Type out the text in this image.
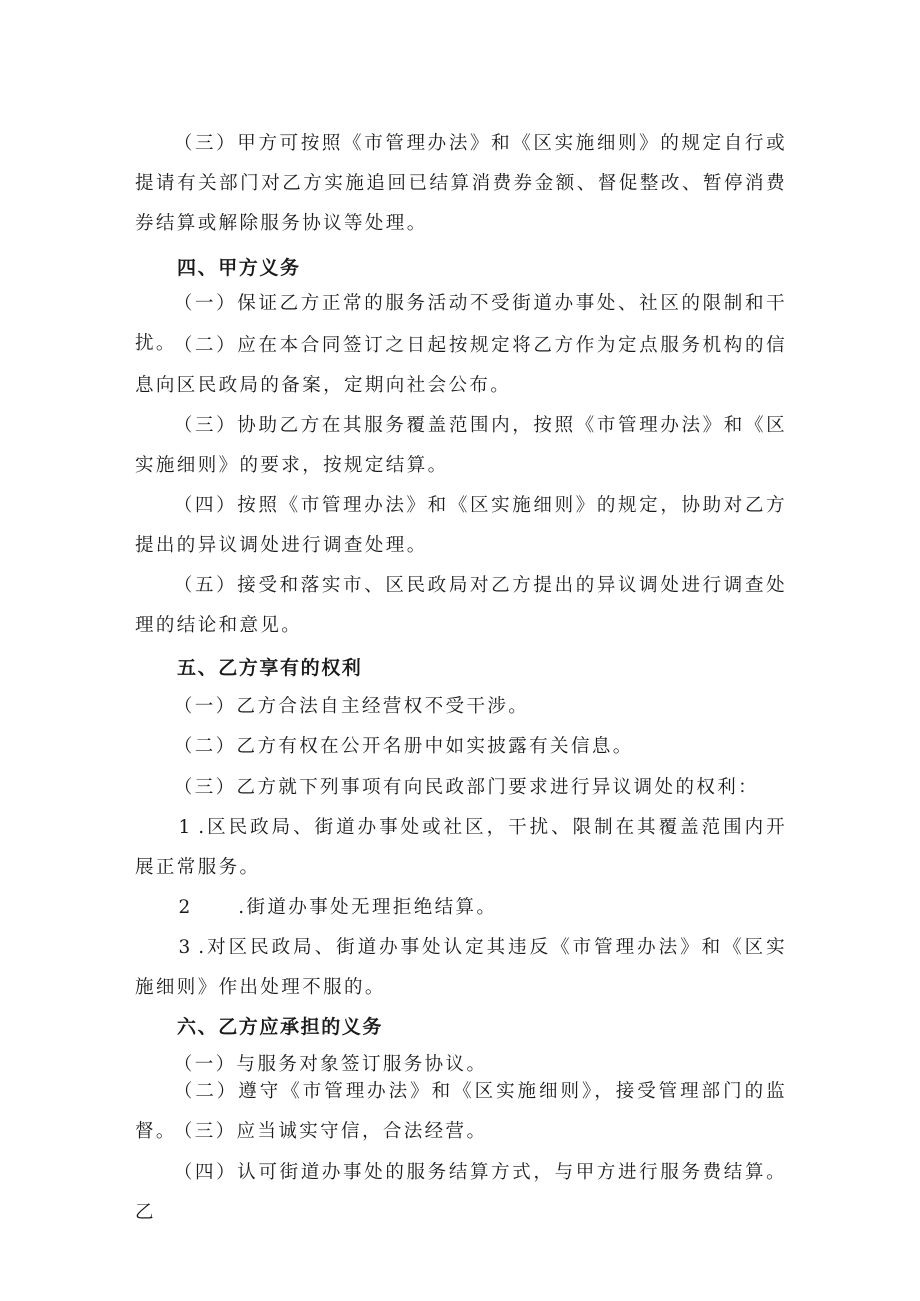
（三）甲方可按照《市管理办法》和《区实施细则》的规定自行或提请有关部门对乙方实施追回已结算消费券金额、督促整改、暂停消费券结算或解除服务协议等处理。

四、甲方义务

（一）保证乙方正常的服务活动不受街道办事处、社区的限制和干扰。

（二）应在本合同签订之日起按规定将乙方作为定点服务机构的信息向区民政局的备案，定期向社会公布。

（三）协助乙方在其服务覆盖范围内，按照《市管理办法》和《区实施细则》的要求，按规定结算。

（四）按照《市管理办法》和《区实施细则》的规定，协助对乙方提出的异议调处进行调查处理。

（五）接受和落实市、区民政局对乙方提出的异议调处进行调查处理的结论和意见。

五、乙方享有的权利

（一）乙方合法自主经营权不受干涉。

（二）乙方有权在公开名册中如实披露有关信息。

（三）乙方就下列事项有向民政部门要求进行异议调处的权利：

1 .区民政局、街道办事处或社区，干扰、限制在其覆盖范围内开展正常服务。

2	.街道办事处无理拒绝结算。

3 .对区民政局、街道办事处认定其违反《市管理办法》和《区实施细则》作出处理不服的。

六、乙方应承担的义务

（一）与服务对象签订服务协议。

（二）遵守《市管理办法》和《区实施细则》，接受管理部门的监督。

（三）应当诚实守信，合法经营。

（四）认可街道办事处的服务结算方式，与甲方进行服务费结算。乙
